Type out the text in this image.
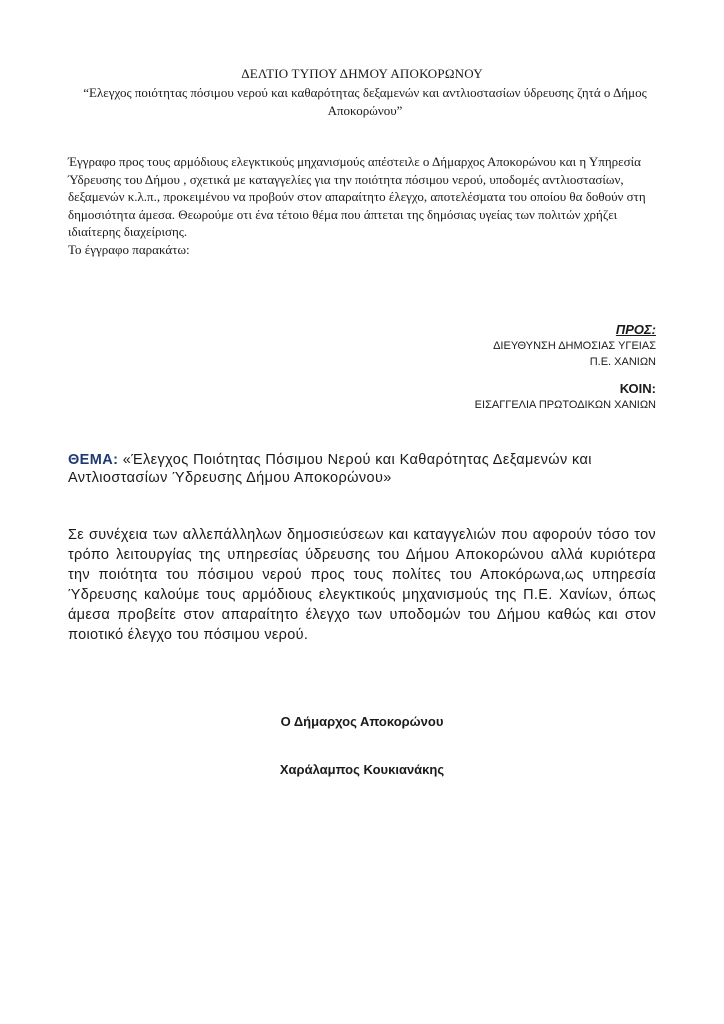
ΔΕΛΤΙΟ ΤΥΠΟΥ ΔΗΜΟΥ ΑΠΟΚΟΡΩΝΟΥ
“Ελεγχος ποιότητας πόσιμου νερού και καθαρότητας δεξαμενών και αντλιοστασίων ύδρευσης ζητά ο Δήμος Αποκορώνου”

Έγγραφο προς τους αρμόδιους ελεγκτικούς μηχανισμούς απέστειλε ο Δήμαρχος Αποκορώνου και η Υπηρεσία Ύδρευσης του Δήμου , σχετικά με καταγγελίες για την ποιότητα πόσιμου νερού, υποδομές αντλιοστασίων, δεξαμενών κ.λ.π., προκειμένου να προβούν στον απαραίτητο έλεγχο, αποτελέσματα του οποίου θα δοθούν στη δημοσιότητα άμεσα. Θεωρούμε οτι ένα τέτοιο θέμα που άπτεται της δημόσιας υγείας των πολιτών χρήζει ιδιαίτερης διαχείρισης.

Το έγγραφο παρακάτω:

ΠΡΟΣ:
ΔΙΕΥΘΥΝΣΗ ΔΗΜΟΣΙΑΣ ΥΓΕΙΑΣ
Π.Ε. ΧΑΝΙΩΝ
ΚΟΙΝ:
ΕΙΣΑΓΓΕΛΙΑ ΠΡΩΤΟΔΙΚΩΝ ΧΑΝΙΩΝ
ΘΕΜΑ: «Έλεγχος Ποιότητας Πόσιμου Νερού και Καθαρότητας Δεξαμενών και Αντλιοστασίων Ύδρευσης Δήμου Αποκορώνου»
Σε συνέχεια των αλλεπάλληλων δημοσιεύσεων και καταγγελιών που αφορούν τόσο τον τρόπο λειτουργίας της υπηρεσίας ύδρευσης του Δήμου Αποκορώνου αλλά κυριότερα την ποιότητα του πόσιμου νερού προς τους πολίτες του Αποκόρωνα,ως υπηρεσία Ύδρευσης καλούμε τους αρμόδιους ελεγκτικούς μηχανισμούς της Π.Ε. Χανίων, όπως άμεσα προβείτε στον απαραίτητο έλεγχο των υποδομών του Δήμου καθώς και στον ποιοτικό έλεγχο του πόσιμου νερού.
Ο Δήμαρχος Αποκορώνου
Χαράλαμπος Κουκιανάκης
